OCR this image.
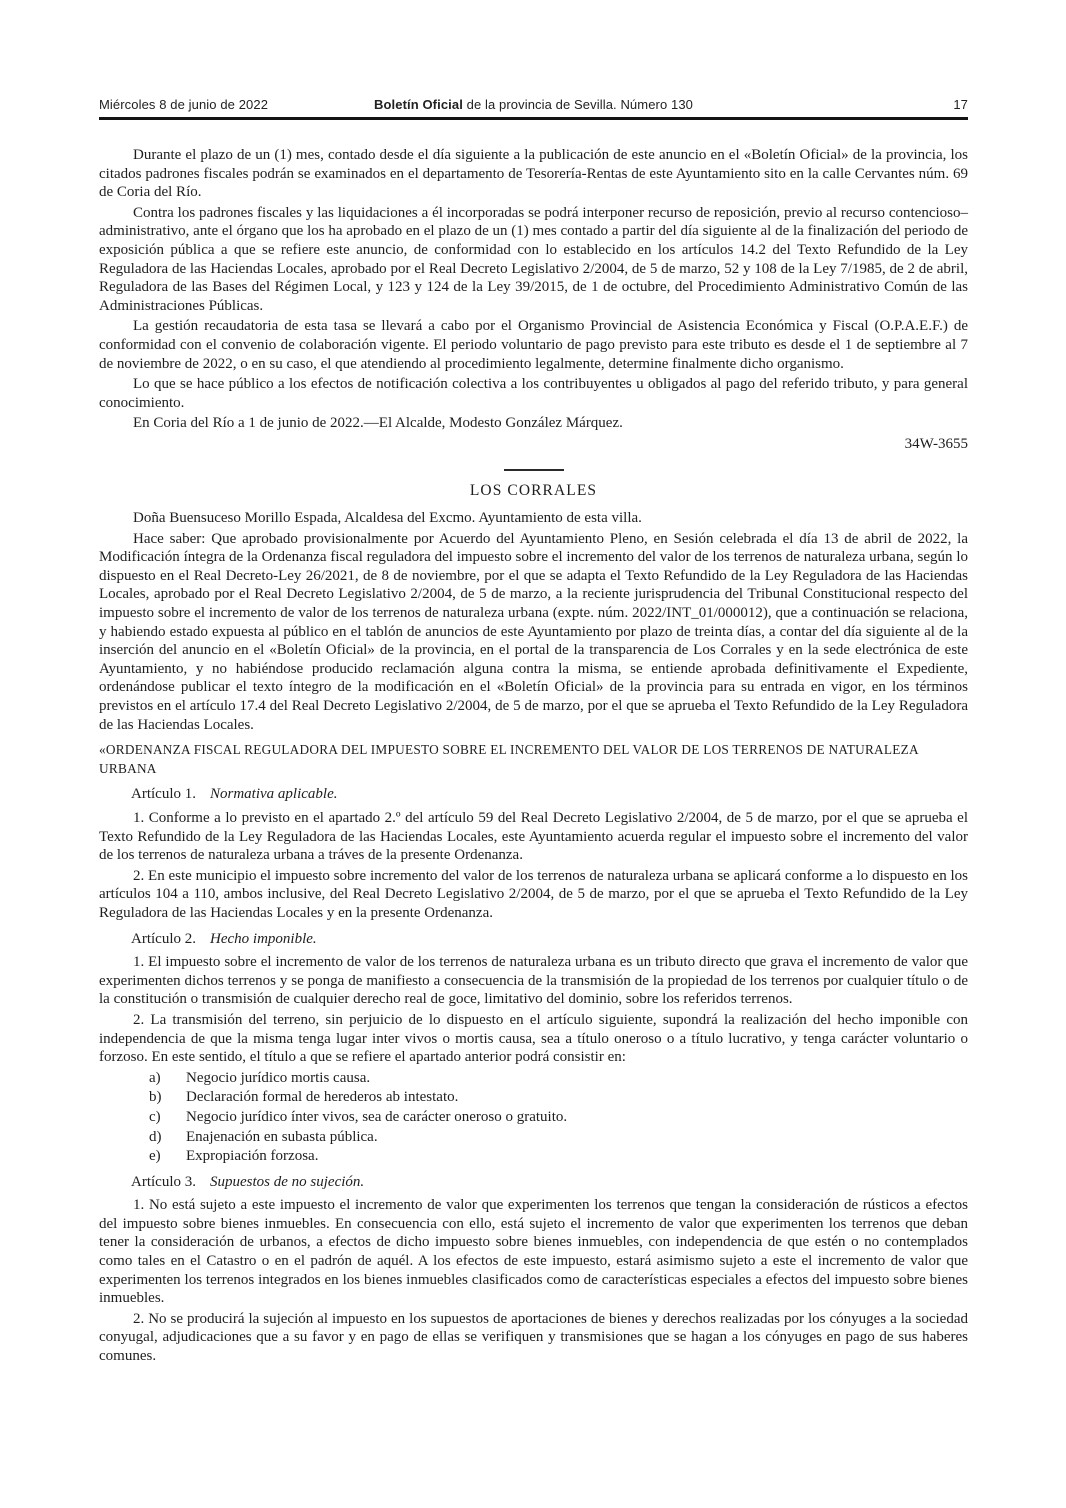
Miércoles 8 de junio de 2022	Boletín Oficial de la provincia de Sevilla. Número 130	17

Durante el plazo de un (1) mes, contado desde el día siguiente a la publicación de este anuncio en el «Boletín Oficial» de la provincia, los citados padrones fiscales podrán se examinados en el departamento de Tesorería-Rentas de este Ayuntamiento sito en la calle Cervantes núm. 69 de Coria del Río.

Contra los padrones fiscales y las liquidaciones a él incorporadas se podrá interponer recurso de reposición, previo al recurso contencioso–administrativo, ante el órgano que los ha aprobado en el plazo de un (1) mes contado a partir del día siguiente al de la finalización del periodo de exposición pública a que se refiere este anuncio, de conformidad con lo establecido en los artículos 14.2 del Texto Refundido de la Ley Reguladora de las Haciendas Locales, aprobado por el Real Decreto Legislativo 2/2004, de 5 de marzo, 52 y 108 de la Ley 7/1985, de 2 de abril, Reguladora de las Bases del Régimen Local, y 123 y 124 de la Ley 39/2015, de 1 de octubre, del Procedimiento Administrativo Común de las Administraciones Públicas.

La gestión recaudatoria de esta tasa se llevará a cabo por el Organismo Provincial de Asistencia Económica y Fiscal (O.P.A.E.F.) de conformidad con el convenio de colaboración vigente. El periodo voluntario de pago previsto para este tributo es desde el 1 de septiembre al 7 de noviembre de 2022, o en su caso, el que atendiendo al procedimiento legalmente, determine finalmente dicho organismo.

Lo que se hace público a los efectos de notificación colectiva a los contribuyentes u obligados al pago del referido tributo, y para general conocimiento.

En Coria del Río a 1 de junio de 2022.—El Alcalde, Modesto González Márquez.

34W-3655

LOS CORRALES

Doña Buensuceso Morillo Espada, Alcaldesa del Excmo. Ayuntamiento de esta villa.

Hace saber: Que aprobado provisionalmente por Acuerdo del Ayuntamiento Pleno, en Sesión celebrada el día 13 de abril de 2022, la Modificación íntegra de la Ordenanza fiscal reguladora del impuesto sobre el incremento del valor de los terrenos de naturaleza urbana, según lo dispuesto en el Real Decreto-Ley 26/2021, de 8 de noviembre, por el que se adapta el Texto Refundido de la Ley Reguladora de las Haciendas Locales, aprobado por el Real Decreto Legislativo 2/2004, de 5 de marzo, a la reciente jurisprudencia del Tribunal Constitucional respecto del impuesto sobre el incremento de valor de los terrenos de naturaleza urbana (expte. núm. 2022/INT_01/000012), que a continuación se relaciona, y habiendo estado expuesta al público en el tablón de anuncios de este Ayuntamiento por plazo de treinta días, a contar del día siguiente al de la inserción del anuncio en el «Boletín Oficial» de la provincia, en el portal de la transparencia de Los Corrales y en la sede electrónica de este Ayuntamiento, y no habiéndose producido reclamación alguna contra la misma, se entiende aprobada definitivamente el Expediente, ordenándose publicar el texto íntegro de la modificación en el «Boletín Oficial» de la provincia para su entrada en vigor, en los términos previstos en el artículo 17.4 del Real Decreto Legislativo 2/2004, de 5 de marzo, por el que se aprueba el Texto Refundido de la Ley Reguladora de las Haciendas Locales.

«ORDENANZA FISCAL REGULADORA DEL IMPUESTO SOBRE EL INCREMENTO DEL VALOR DE LOS TERRENOS DE NATURALEZA URBANA

Artículo 1. Normativa aplicable.

1. Conforme a lo previsto en el apartado 2.º del artículo 59 del Real Decreto Legislativo 2/2004, de 5 de marzo, por el que se aprueba el Texto Refundido de la Ley Reguladora de las Haciendas Locales, este Ayuntamiento acuerda regular el impuesto sobre el incremento del valor de los terrenos de naturaleza urbana a tráves de la presente Ordenanza.

2. En este municipio el impuesto sobre incremento del valor de los terrenos de naturaleza urbana se aplicará conforme a lo dispuesto en los artículos 104 a 110, ambos inclusive, del Real Decreto Legislativo 2/2004, de 5 de marzo, por el que se aprueba el Texto Refundido de la Ley Reguladora de las Haciendas Locales y en la presente Ordenanza.

Artículo 2. Hecho imponible.

1. El impuesto sobre el incremento de valor de los terrenos de naturaleza urbana es un tributo directo que grava el incremento de valor que experimenten dichos terrenos y se ponga de manifiesto a consecuencia de la transmisión de la propiedad de los terrenos por cualquier título o de la constitución o transmisión de cualquier derecho real de goce, limitativo del dominio, sobre los referidos terrenos.

2. La transmisión del terreno, sin perjuicio de lo dispuesto en el artículo siguiente, supondrá la realización del hecho imponible con independencia de que la misma tenga lugar inter vivos o mortis causa, sea a título oneroso o a título lucrativo, y tenga carácter voluntario o forzoso. En este sentido, el título a que se refiere el apartado anterior podrá consistir en:

a) Negocio jurídico mortis causa.

b) Declaración formal de herederos ab intestato.

c) Negocio jurídico ínter vivos, sea de carácter oneroso o gratuito.

d) Enajenación en subasta pública.

e) Expropiación forzosa.

Artículo 3. Supuestos de no sujeción.

1. No está sujeto a este impuesto el incremento de valor que experimenten los terrenos que tengan la consideración de rústicos a efectos del impuesto sobre bienes inmuebles. En consecuencia con ello, está sujeto el incremento de valor que experimenten los terrenos que deban tener la consideración de urbanos, a efectos de dicho impuesto sobre bienes inmuebles, con independencia de que estén o no contemplados como tales en el Catastro o en el padrón de aquél. A los efectos de este impuesto, estará asimismo sujeto a este el incremento de valor que experimenten los terrenos integrados en los bienes inmuebles clasificados como de características especiales a efectos del impuesto sobre bienes inmuebles.

2. No se producirá la sujeción al impuesto en los supuestos de aportaciones de bienes y derechos realizadas por los cónyuges a la sociedad conyugal, adjudicaciones que a su favor y en pago de ellas se verifiquen y transmisiones que se hagan a los cónyuges en pago de sus haberes comunes.
